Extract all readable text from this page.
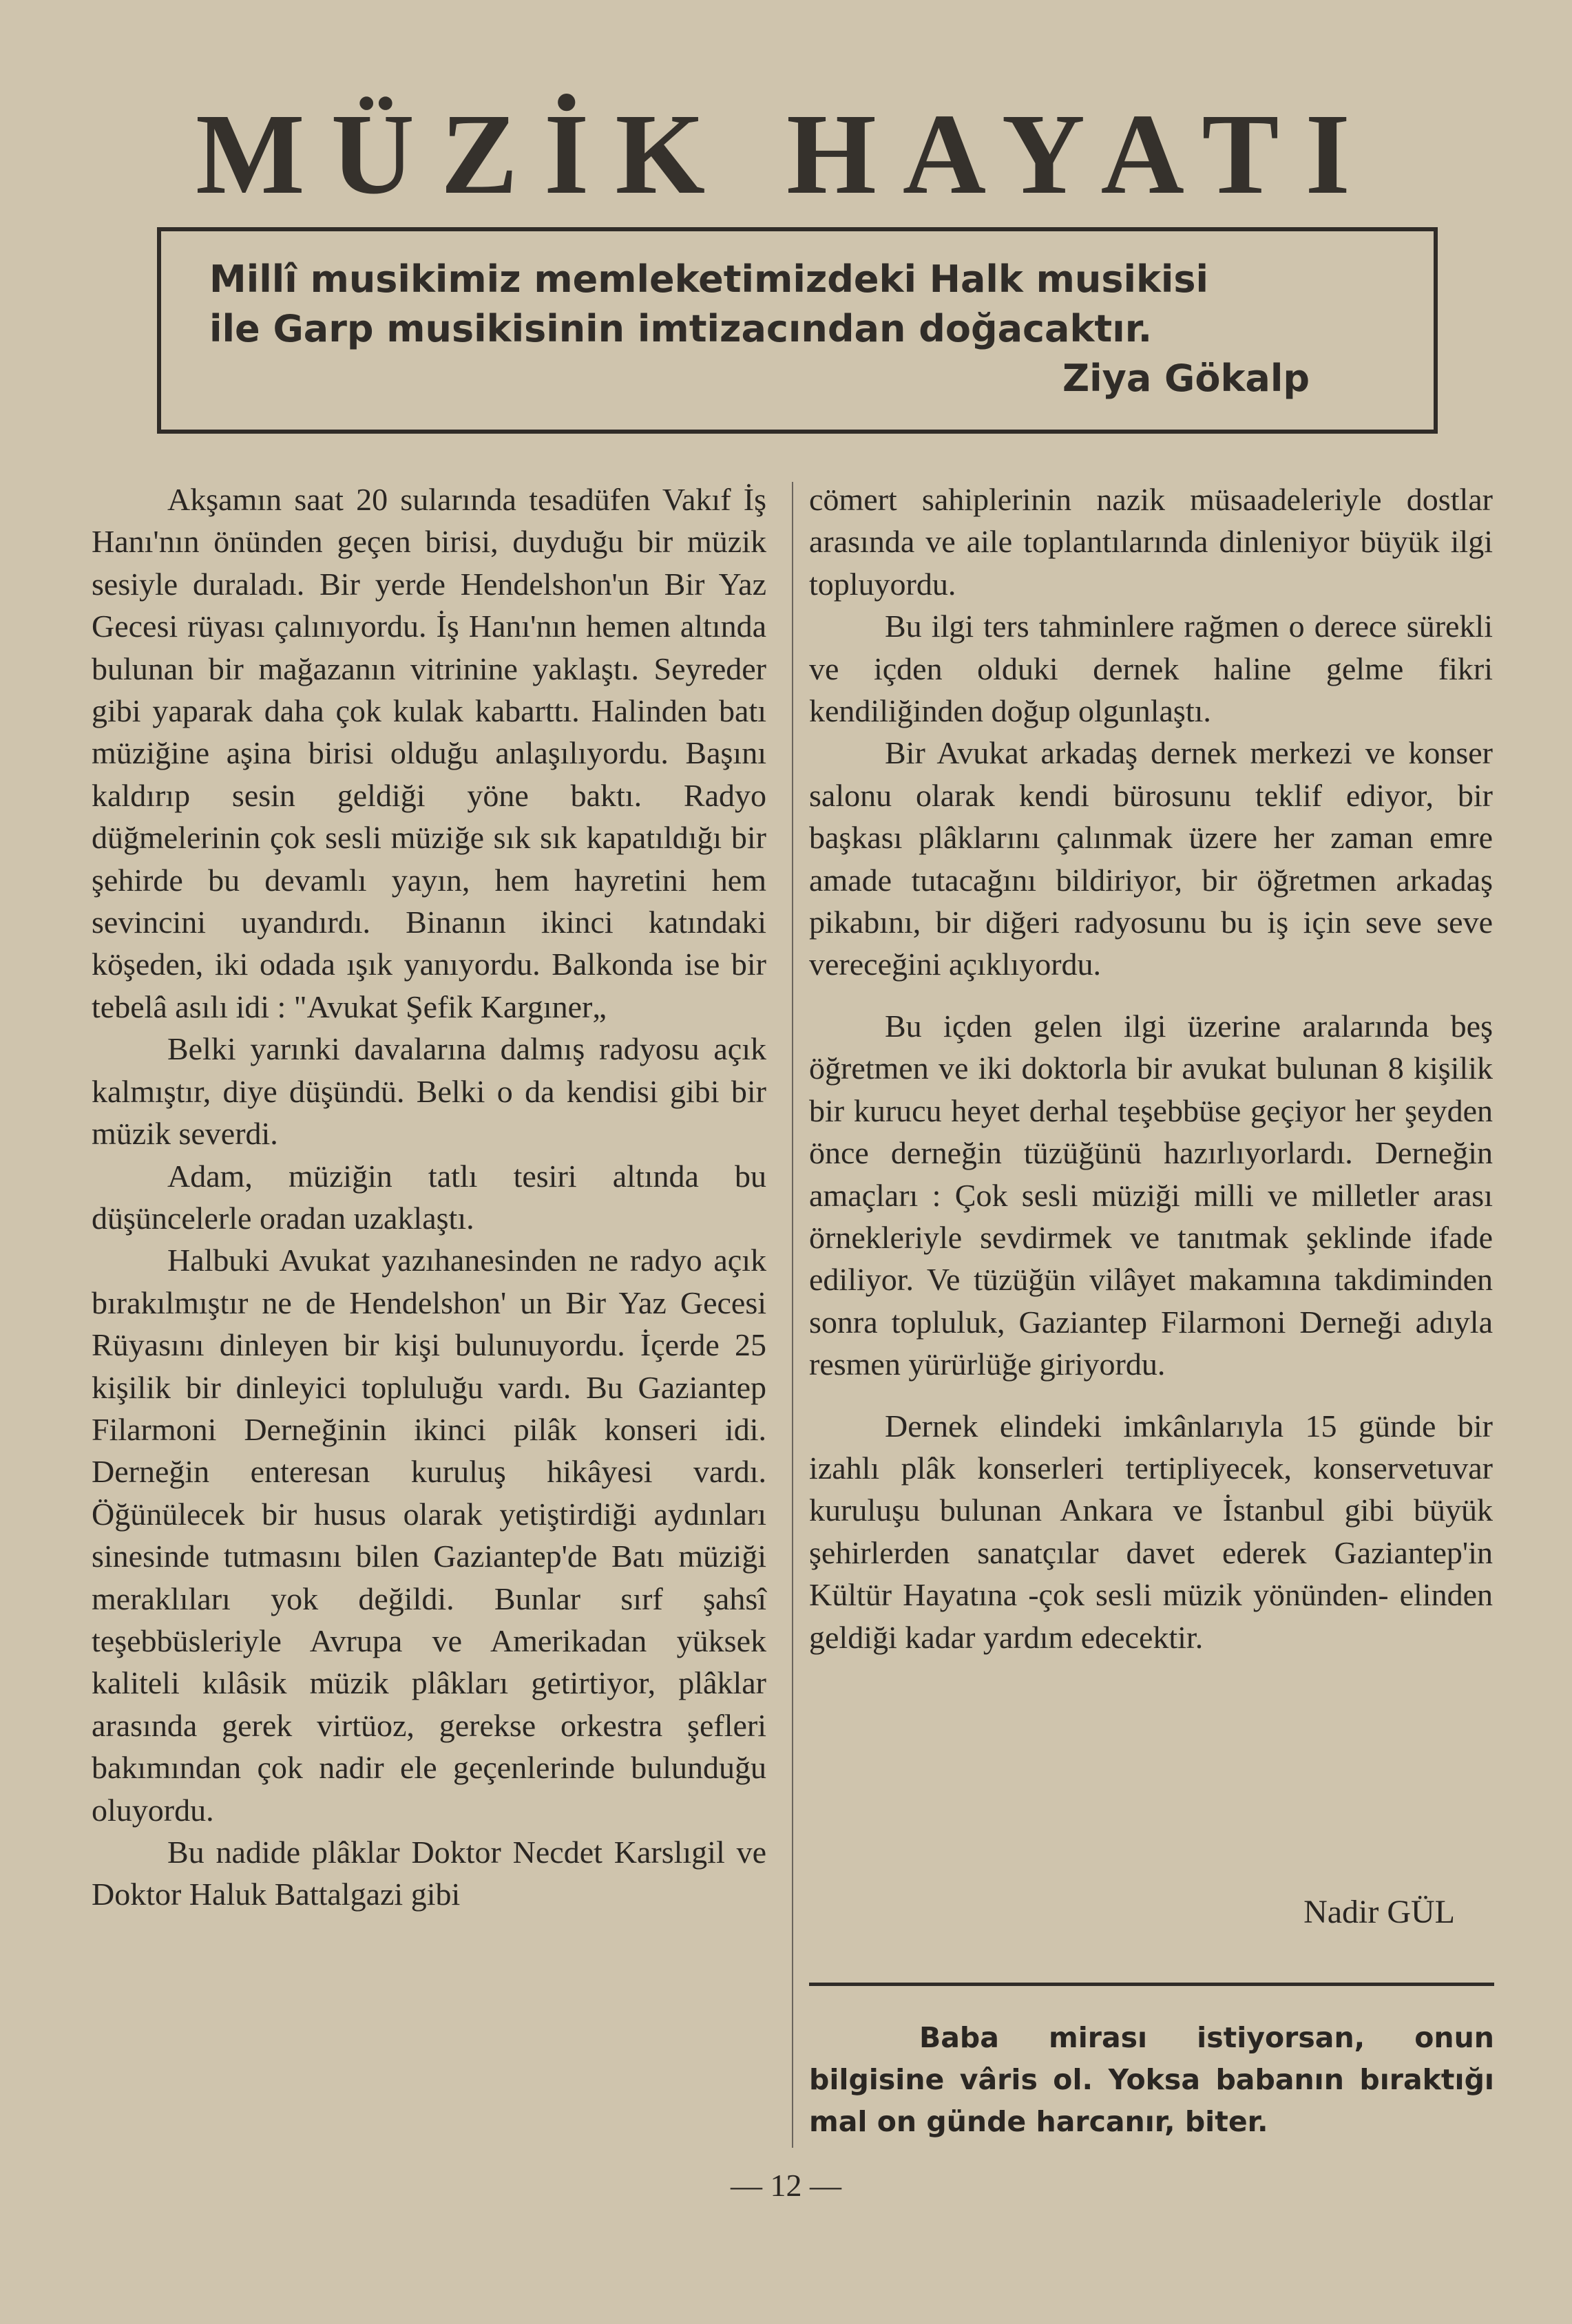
MÜZİK HAYATI
Millî musikimiz memleketimizdeki Halk musikisi
ile Garp musikisinin imtizacından doğacaktır.
Ziya Gökalp

Akşamın saat 20 sularında tesadüfen Vakıf İş Hanı'nın önünden geçen birisi, duyduğu bir müzik sesiyle duraladı. Bir yerde Hendelshon'un Bir Yaz Gecesi rüyası çalınıyordu. İş Hanı'nın hemen altında bulunan bir mağazanın vitrinine yaklaştı. Seyreder gibi yaparak daha çok kulak kabarttı. Halinden batı müziğine aşina birisi olduğu anlaşılıyordu. Başını kaldırıp sesin geldiği yöne baktı. Radyo düğmelerinin çok sesli müziğe sık sık kapatıldığı bir şehirde bu devamlı yayın, hem hayretini hem sevincini uyandırdı. Binanın ikinci katındaki köşeden, iki odada ışık yanıyordu. Balkonda ise bir tebelâ asılı idi : "Avukat Şefik Kargıner„

Belki yarınki davalarına dalmış radyosu açık kalmıştır, diye düşündü. Belki o da kendisi gibi bir müzik severdi.

Adam, müziğin tatlı tesiri altında bu düşüncelerle oradan uzaklaştı.

Halbuki Avukat yazıhanesinden ne radyo açık bırakılmıştır ne de Hendelshon' un Bir Yaz Gecesi Rüyasını dinleyen bir kişi bulunuyordu. İçerde 25 kişilik bir dinleyici topluluğu vardı. Bu Gaziantep Filarmoni Derneğinin ikinci pilâk konseri idi. Derneğin enteresan kuruluş hikâyesi vardı. Öğünülecek bir husus olarak yetiştirdiği aydınları sinesinde tutmasını bilen Gaziantep'de Batı müziği meraklıları yok değildi. Bunlar sırf şahsî teşebbüsleriyle Avrupa ve Amerikadan yüksek kaliteli kılâsik müzik plâkları getirtiyor, plâklar arasında gerek virtüoz, gerekse orkestra şefleri bakımından çok nadir ele geçenlerinde bulunduğu oluyordu.

Bu nadide plâklar Doktor Necdet Karslıgil ve Doktor Haluk Battalgazi gibi

cömert sahiplerinin nazik müsaadeleriyle dostlar arasında ve aile toplantılarında dinleniyor büyük ilgi topluyordu.

Bu ilgi ters tahminlere rağmen o derece sürekli ve içden olduki dernek haline gelme fikri kendiliğinden doğup olgunlaştı.

Bir Avukat arkadaş dernek merkezi ve konser salonu olarak kendi bürosunu teklif ediyor, bir başkası plâklarını çalınmak üzere her zaman emre amade tutacağını bildiriyor, bir öğretmen arkadaş pikabını, bir diğeri radyosunu bu iş için seve seve vereceğini açıklıyordu.

Bu içden gelen ilgi üzerine aralarında beş öğretmen ve iki doktorla bir avukat bulunan 8 kişilik bir kurucu heyet derhal teşebbüse geçiyor her şeyden önce derneğin tüzüğünü hazırlıyorlardı. Derneğin amaçları : Çok sesli müziği milli ve milletler arası örnekleriyle sevdirmek ve tanıtmak şeklinde ifade ediliyor. Ve tüzüğün vilâyet makamına takdiminden sonra topluluk, Gaziantep Filarmoni Derneği adıyla resmen yürürlüğe giriyordu.

Dernek elindeki imkânlarıyla 15 günde bir izahlı plâk konserleri tertipliyecek, konservetuvar kuruluşu bulunan Ankara ve İstanbul gibi büyük şehirlerden sanatçılar davet ederek Gaziantep'in Kültür Hayatına -çok sesli müzik yönünden- elinden geldiği kadar yardım edecektir.

Nadir GÜL
Baba mirası istiyorsan, onun bilgisine vâris ol. Yoksa babanın bıraktığı mal on günde harcanır, biter.
— 12 —
